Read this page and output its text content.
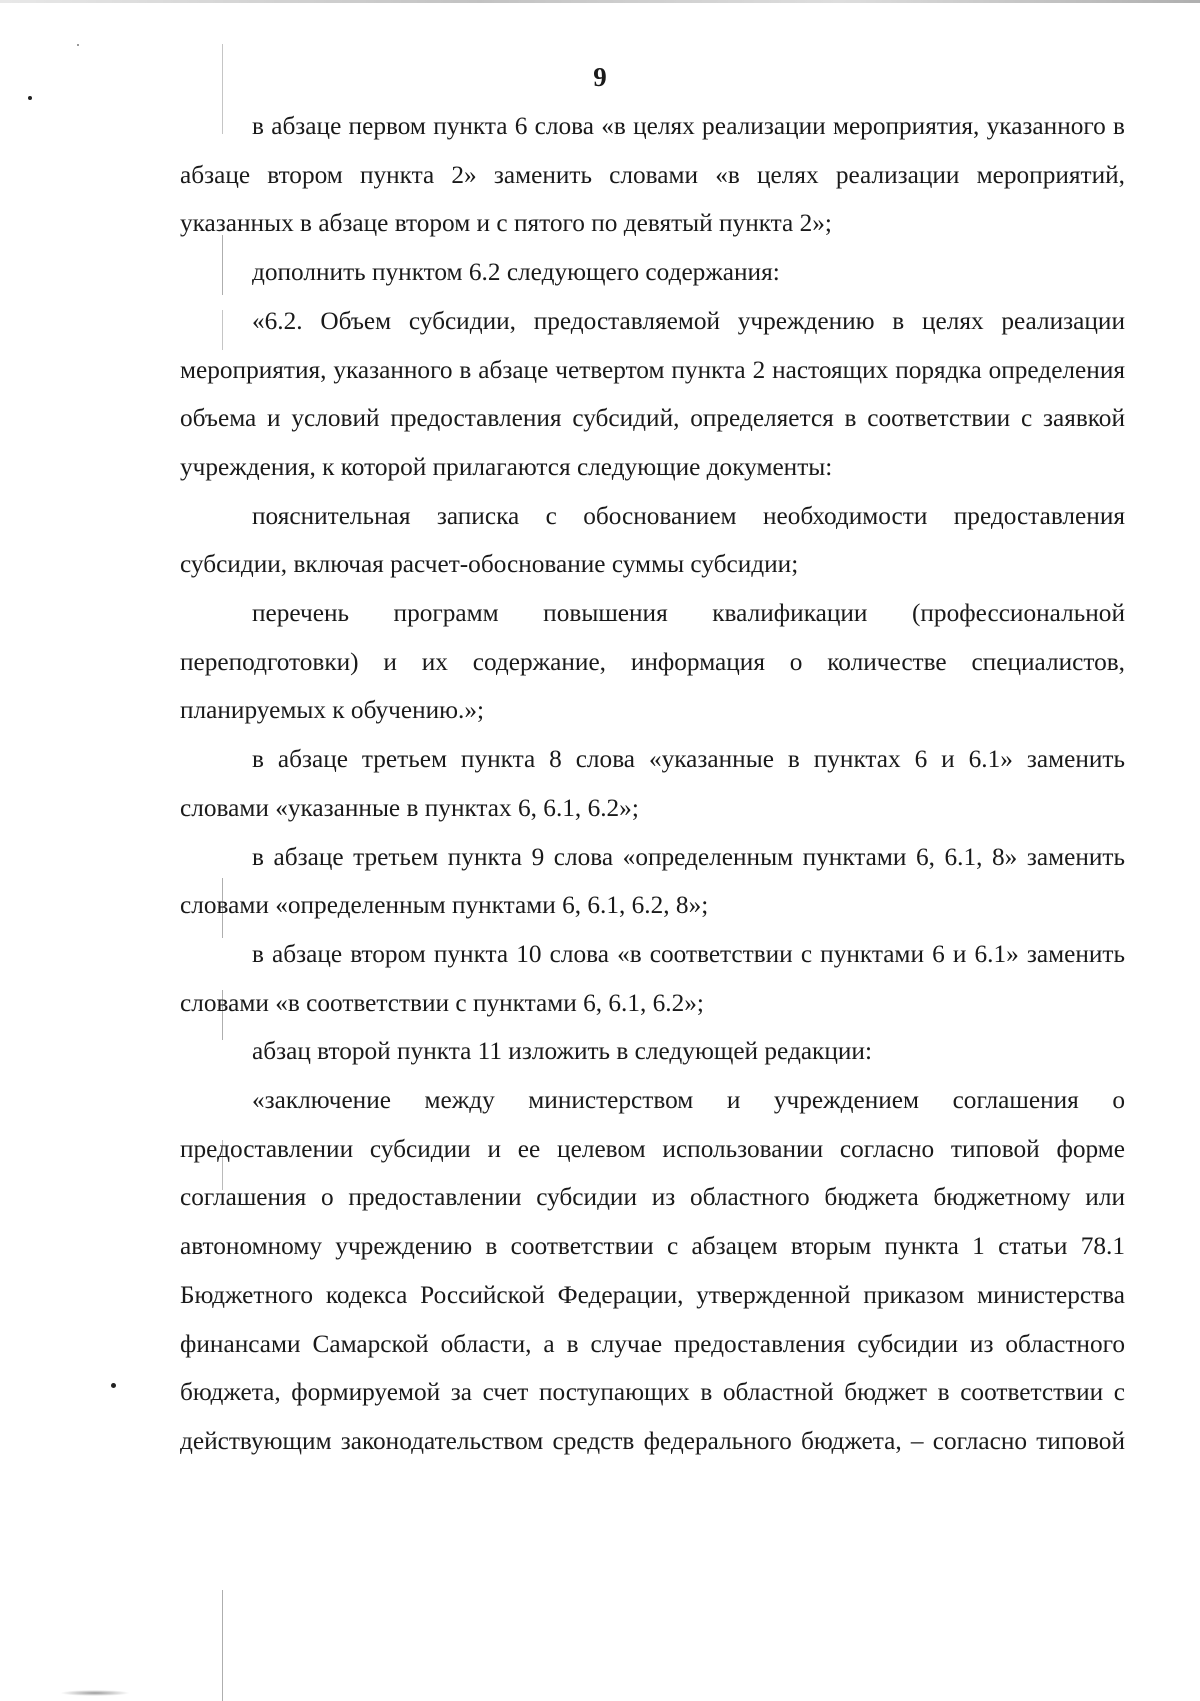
9

в абзаце первом пункта 6 слова «в целях реализации мероприятия, указанного в абзаце втором пункта 2» заменить словами «в целях реализации мероприятий, указанных в абзаце втором и с пятого по девятый пункта 2»;

дополнить пунктом 6.2 следующего содержания:

«6.2. Объем субсидии, предоставляемой учреждению в целях реализации мероприятия, указанного в абзаце четвертом пункта 2 настоящих порядка определения объема и условий предоставления субсидий, определяется в соответствии с заявкой учреждения, к которой прилагаются следующие документы:

пояснительная записка с обоснованием необходимости предоставления субсидии, включая расчет-обоснование суммы субсидии;

перечень программ повышения квалификации (профессиональной переподготовки) и их содержание, информация о количестве специалистов, планируемых к обучению.»;

в абзаце третьем пункта 8 слова «указанные в пунктах 6 и 6.1» заменить словами «указанные в пунктах 6, 6.1, 6.2»;

в абзаце третьем пункта 9 слова «определенным пунктами 6, 6.1, 8» заменить словами «определенным пунктами 6, 6.1, 6.2, 8»;

в абзаце втором пункта 10 слова «в соответствии с пунктами 6 и 6.1» заменить словами «в соответствии с пунктами 6, 6.1, 6.2»;

абзац второй пункта 11 изложить в следующей редакции:

«заключение между министерством и учреждением соглашения о предоставлении субсидии и ее целевом использовании согласно типовой форме соглашения о предоставлении субсидии из областного бюджета бюджетному или автономному учреждению в соответствии с абзацем вторым пункта 1 статьи 78.1 Бюджетного кодекса Российской Федерации, утвержденной приказом министерства финансами Самарской области, а в случае предоставления субсидии из областного бюджета, формируемой за счет поступающих в областной бюджет в соответствии с действующим законодательством средств федерального бюджета, – согласно типовой
